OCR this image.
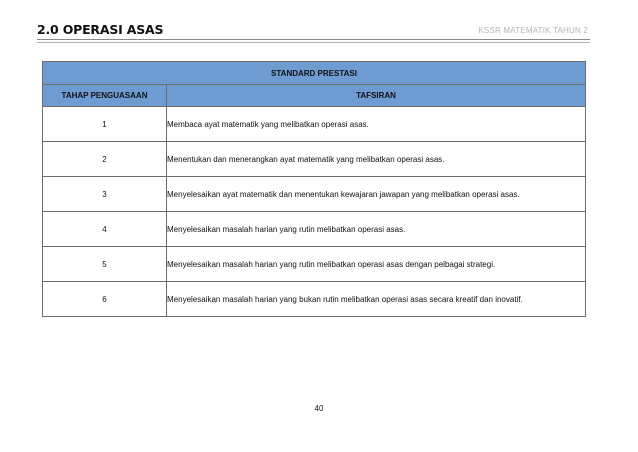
2.0 OPERASI ASAS	KSSR MATEMATIK TAHUN 2
STANDARD PRESTASI	
TAHAP PENGUASAAN	TAFSIRAN
1	Membaca ayat matematik yang melibatkan operasi asas.
2	Menentukan dan menerangkan ayat matematik yang melibatkan operasi asas.
3	Menyelesaikan ayat matematik dan menentukan kewajaran jawapan yang melibatkan operasi asas.
4	Menyelesaikan masalah harian yang rutin melibatkan operasi asas.
5	Menyelesaikan masalah harian yang rutin melibatkan operasi asas dengan pelbagai strategi.
6	Menyelesaikan masalah harian yang bukan rutin melibatkan operasi asas secara kreatif dan inovatif.
40
